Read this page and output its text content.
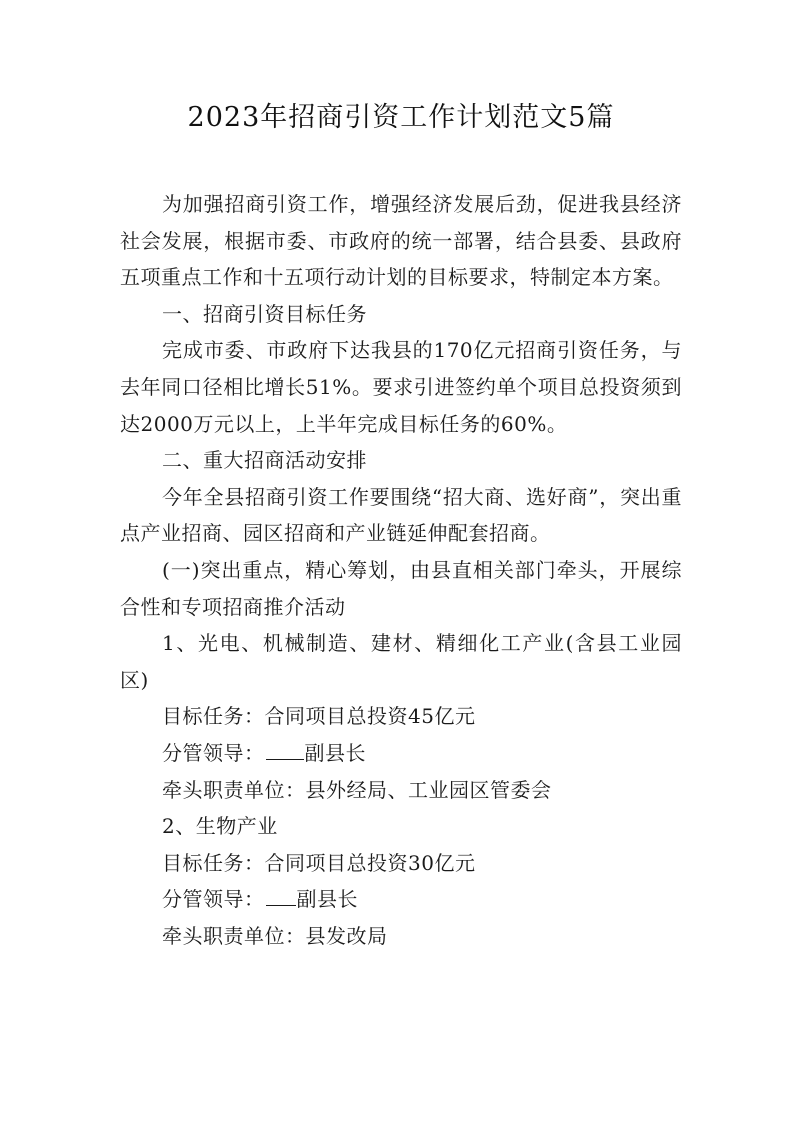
2023年招商引资工作计划范文5篇

为加强招商引资工作，增强经济发展后劲，促进我县经济社会发展，根据市委、市政府的统一部署，结合县委、县政府五项重点工作和十五项行动计划的目标要求，特制定本方案。

一、招商引资目标任务

完成市委、市政府下达我县的170亿元招商引资任务，与去年同口径相比增长51%。要求引进签约单个项目总投资须到达2000万元以上，上半年完成目标任务的60%。

二、重大招商活动安排

今年全县招商引资工作要围绕“招大商、选好商”，突出重点产业招商、园区招商和产业链延伸配套招商。

(一)突出重点，精心筹划，由县直相关部门牵头，开展综合性和专项招商推介活动

1、光电、机械制造、建材、精细化工产业(含县工业园区)

目标任务：合同项目总投资45亿元

分管领导： 副县长

牵头职责单位：县外经局、工业园区管委会

2、生物产业

目标任务：合同项目总投资30亿元

分管领导： 副县长

牵头职责单位：县发改局
